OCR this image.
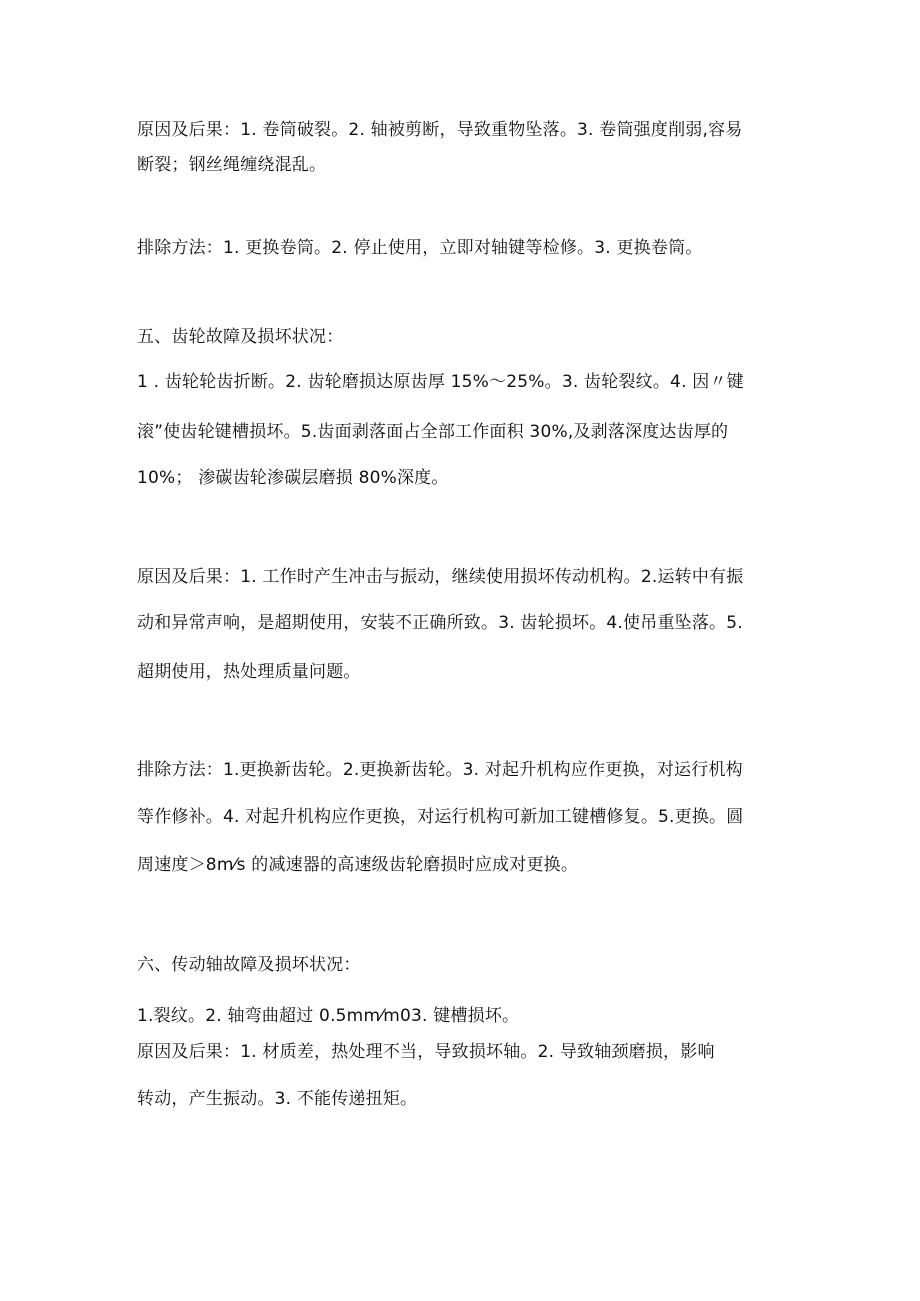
原因及后果：1. 卷筒破裂。2. 轴被剪断，导致重物坠落。3. 卷筒强度削弱,容易
断裂；钢丝绳缠绕混乱。
排除方法：1. 更换卷筒。2. 停止使用，立即对轴键等检修。3. 更换卷筒。
五、齿轮故障及损坏状况：
1 . 齿轮轮齿折断。2. 齿轮磨损达原齿厚 15%～25%。3. 齿轮裂纹。4. 因〃键
滚”使齿轮键槽损坏。5.齿面剥落面占全部工作面积 30%,及剥落深度达齿厚的
10%； 渗碳齿轮渗碳层磨损 80%深度。
原因及后果：1. 工作时产生冲击与振动，继续使用损坏传动机构。2.运转中有振
动和异常声响，是超期使用，安装不正确所致。3. 齿轮损坏。4.使吊重坠落。5.
超期使用，热处理质量问题。
排除方法：1.更换新齿轮。2.更换新齿轮。3. 对起升机构应作更换，对运行机构
等作修补。4. 对起升机构应作更换，对运行机构可新加工键槽修复。5.更换。圆
周速度＞8m⁄s 的减速器的高速级齿轮磨损时应成对更换。
六、传动轴故障及损坏状况：
1.裂纹。2. 轴弯曲超过 0.5mm⁄m03. 键槽损坏。
原因及后果：1. 材质差，热处理不当，导致损坏轴。2. 导致轴颈磨损，影响
转动，产生振动。3. 不能传递扭矩。
